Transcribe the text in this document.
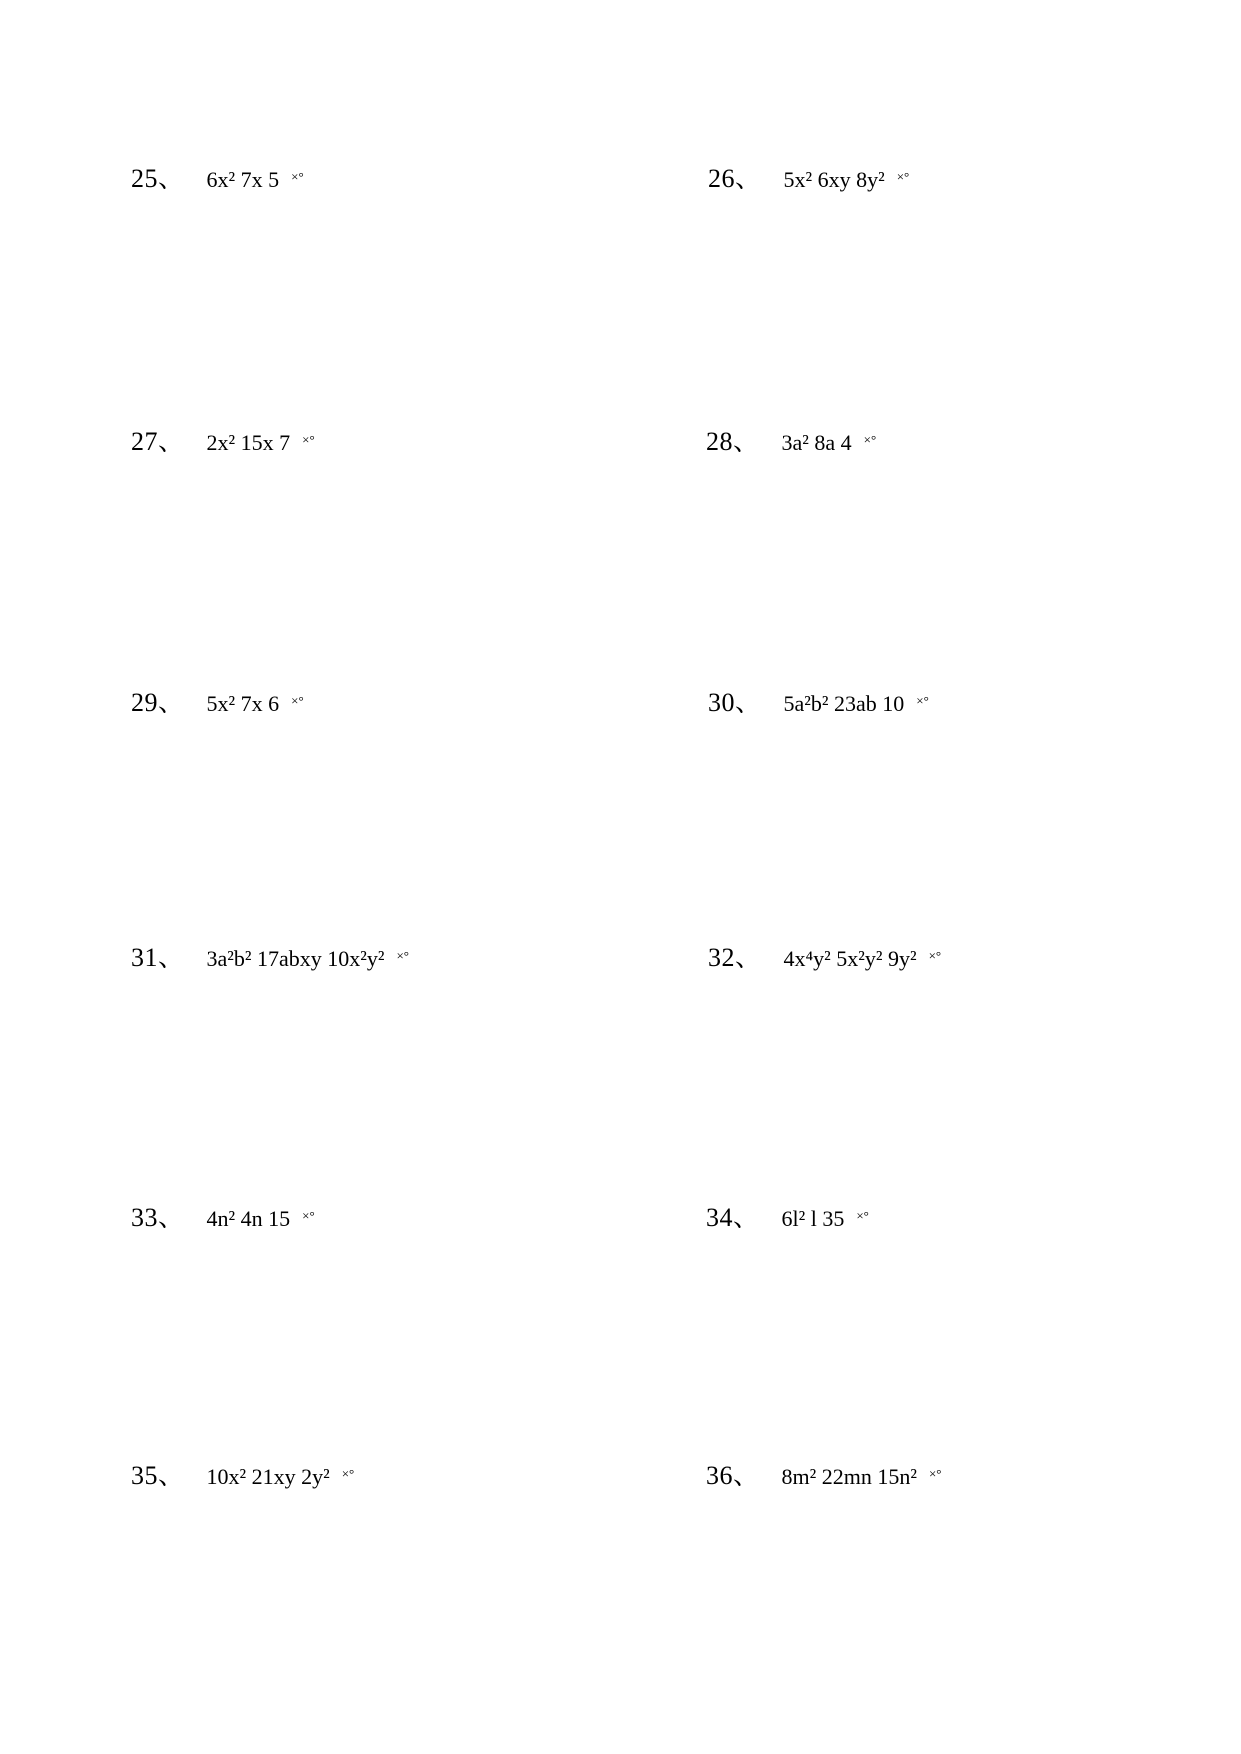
25、 6x² 7x 5 ×°	26、 5x² 6xy 8y² ×°
27、 2x² 15x 7 ×°	28、 3a² 8a 4 ×°
29、 5x² 7x 6 ×°	30、 5a²b² 23ab 10 ×°
31、 3a²b² 17abxy 10x²y² ×°	32、 4x⁴y² 5x²y² 9y² ×°
33、 4n² 4n 15 ×°	34、 6l² l 35 ×°
35、 10x² 21xy 2y² ×°	36、 8m² 22mn 15n² ×°
